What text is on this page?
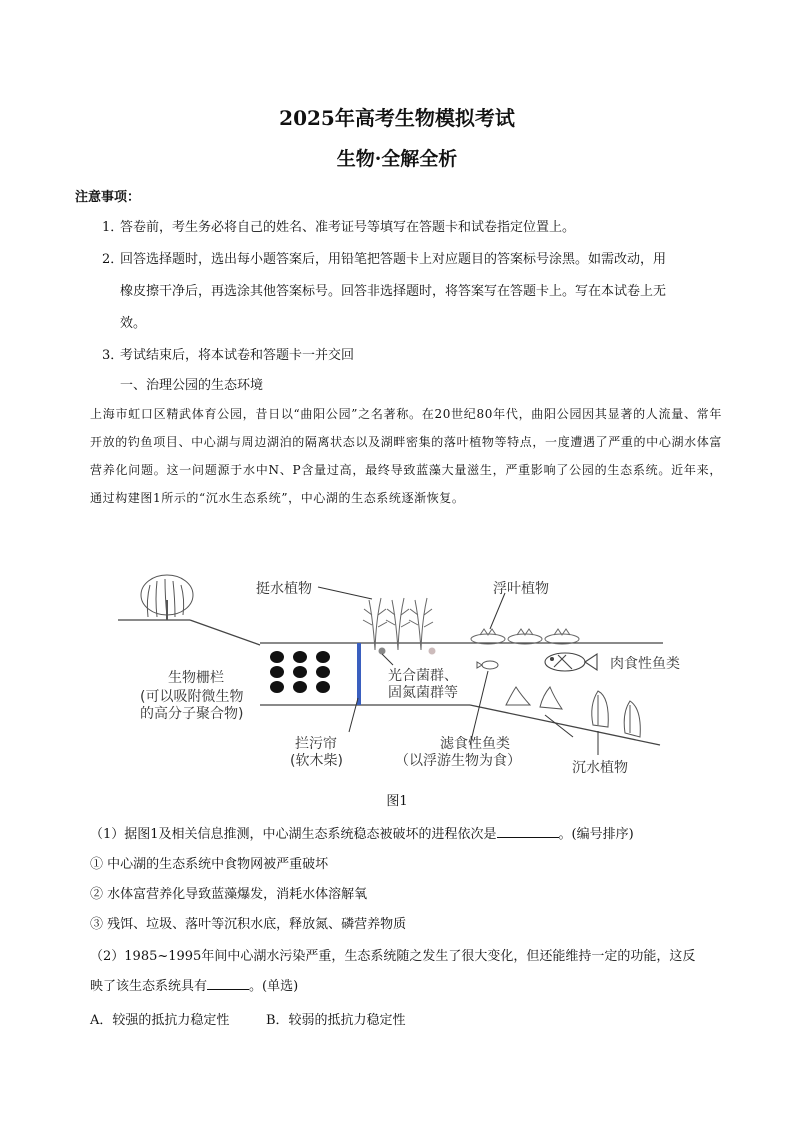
2025年高考生物模拟考试
生物·全解全析
注意事项：
1．
答卷前，考生务必将自己的姓名、准考证号等填写在答题卡和试卷指定位置上。
2．
回答选择题时，选出每小题答案后，用铅笔把答题卡上对应题目的答案标号涂黑。如需改动，用
橡皮擦干净后，再选涂其他答案标号。回答非选择题时，将答案写在答题卡上。写在本试卷上无
效。
3．
考试结束后，将本试卷和答题卡一并交回
一、治理公园的生态环境
上海市虹口区精武体育公园，昔日以“曲阳公园”之名著称。在20世纪80年代，曲阳公园因其显著的人流量、常年开放的钓鱼项目、中心湖与周边湖泊的隔离状态以及湖畔密集的落叶植物等特点，一度遭遇了严重的中心湖水体富营养化问题。这一问题源于水中N、P含量过高，最终导致蓝藻大量滋生，严重影响了公园的生态系统。近年来，通过构建图1所示的“沉水生态系统”，中心湖的生态系统逐渐恢复。
挺水植物	浮叶植物
生物栅栏
(可以吸附微生物
的高分子聚合物)
光合菌群、
固氮菌群等
肉食性鱼类
拦污帘
(软木柴)
滤食性鱼类
（以浮游生物为食）	沉水植物
图1
（1）据图1及相关信息推测，中心湖生态系统稳态被破坏的进程依次是	。(编号排序)
① 中心湖的生态系统中食物网被严重破坏
② 水体富营养化导致蓝藻爆发，消耗水体溶解氧
③ 残饵、垃圾、落叶等沉积水底，释放氮、磷营养物质
（2）1985~1995年间中心湖水污染严重，生态系统随之发生了很大变化，但还能维持一定的功能，这反
映了该生态系统具有	。(单选)
A．较强的抵抗力稳定性	B．较弱的抵抗力稳定性
